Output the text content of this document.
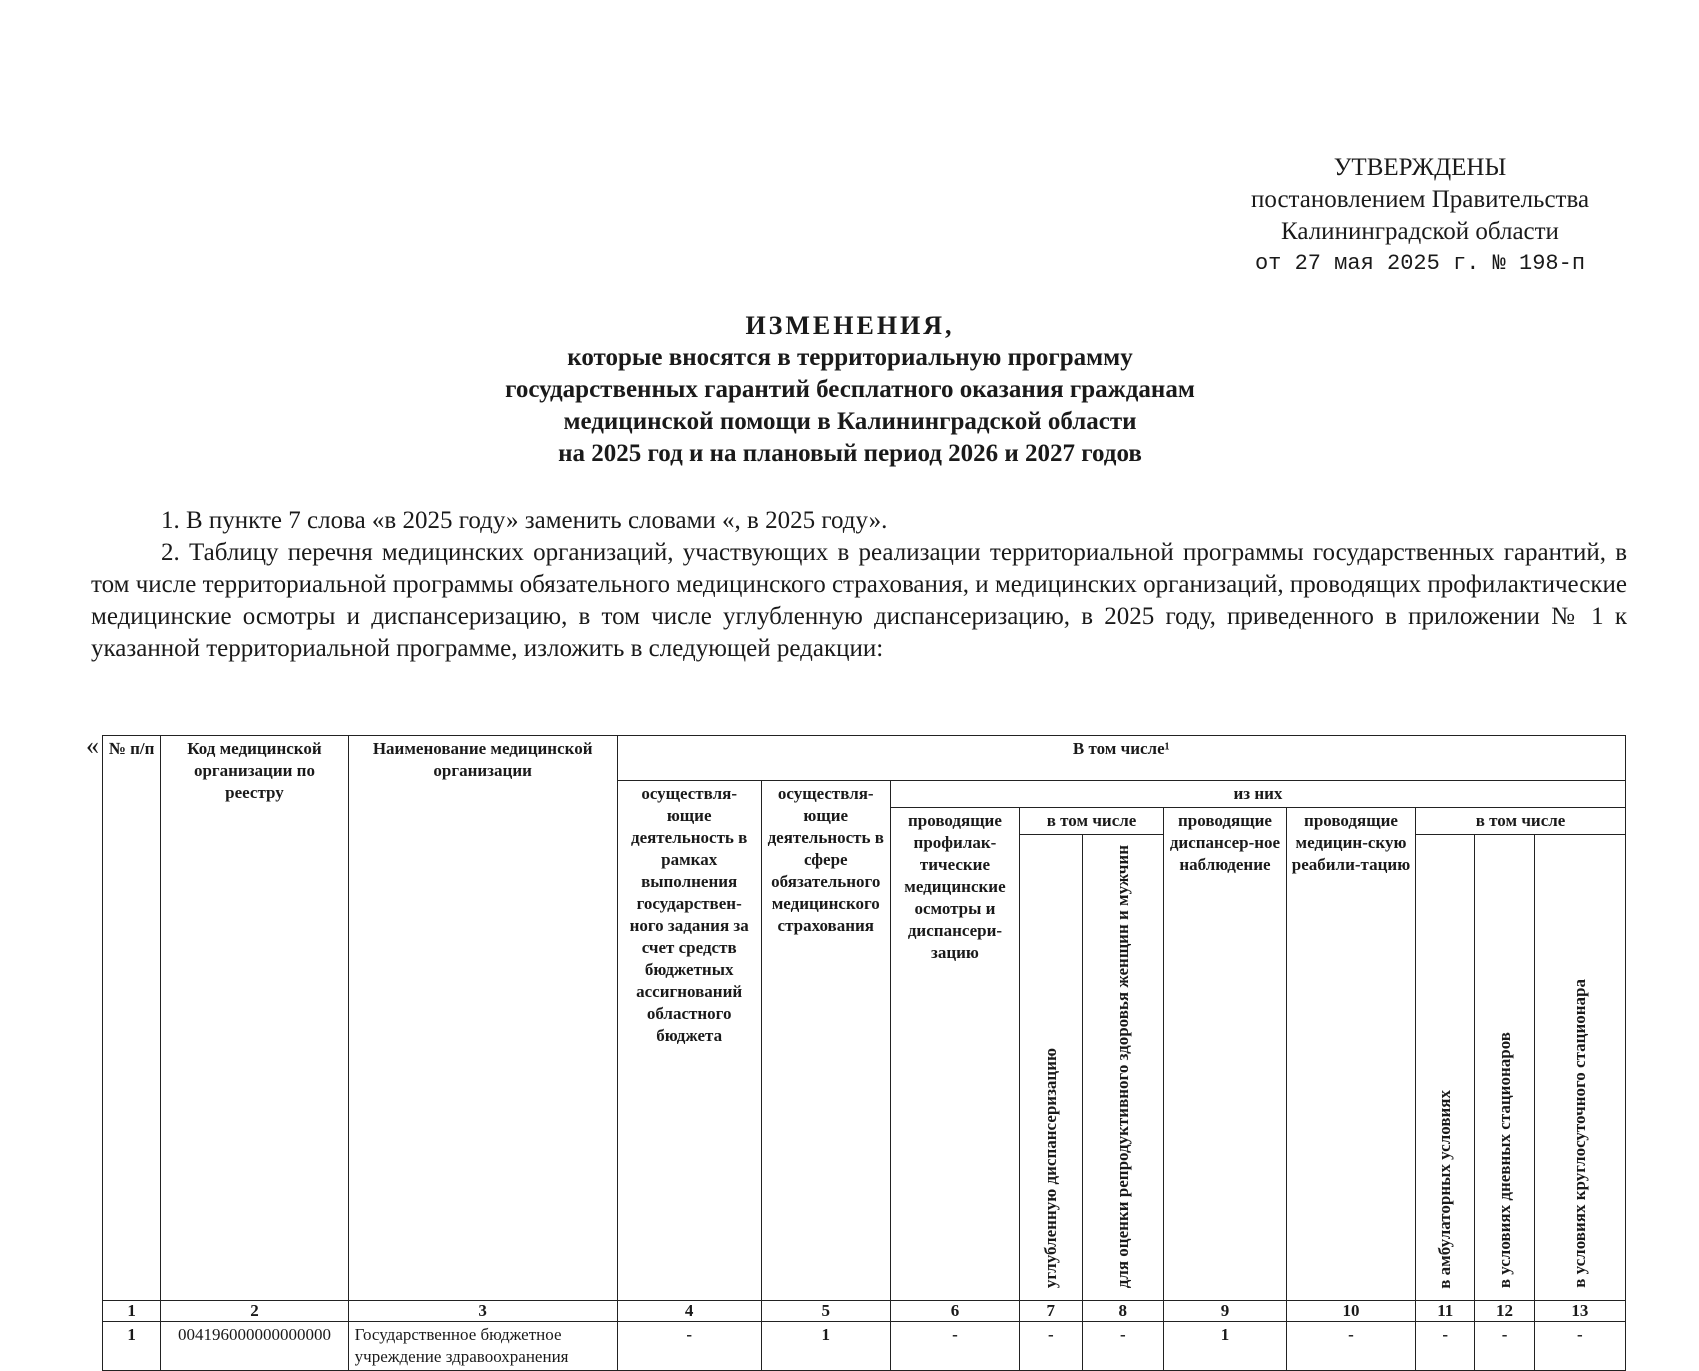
УТВЕРЖДЕНЫ
постановлением Правительства
Калининградской области
от 27 мая 2025 г. № 198-п
ИЗМЕНЕНИЯ,
которые вносятся в территориальную программу
государственных гарантий бесплатного оказания гражданам
медицинской помощи в Калининградской области
на 2025 год и на плановый период 2026 и 2027 годов

1. В пункте 7 слова «в 2025 году» заменить словами «, в 2025 году».

2. Таблицу перечня медицинских организаций, участвующих в реализации территориальной программы государственных гарантий, в том числе территориальной программы обязательного медицинского страхования, и медицинских организаций, проводящих профилактические медицинские осмотры и диспансеризацию, в том числе углубленную диспансеризацию, в 2025 году, приведенного в приложении № 1 к указанной территориальной программе, изложить в следующей редакции:

« № п/п	Код медицинской организации по реестру	Наименование медицинской организации	В том числе¹									
			осуществля-ющие деятельность в рамках выполнения государствен-ного задания за счет средств бюджетных ассигнований областного бюджета	осуществля-ющие деятельность в сфере обязательного медицинского страхования	из них							
					проводящие профилак-тические медицинские осмотры и диспансери-зацию	в том числе		проводящие диспансер-ное наблюдение	проводящие медицин-скую реабили-тацию	в том числе		
						углубленную диспансеризацию	для оценки репродуктивного здоровья женщин и мужчин			в амбулаторных условиях	в условиях дневных стационаров	в условиях круглосуточного стационара
1	2	3	4	5	6	7	8	9	10	11	12	13
1	004196000000000000	Государственное бюджетное учреждение здравоохранения	-	1	-	-	-	1	-	-	-	-
